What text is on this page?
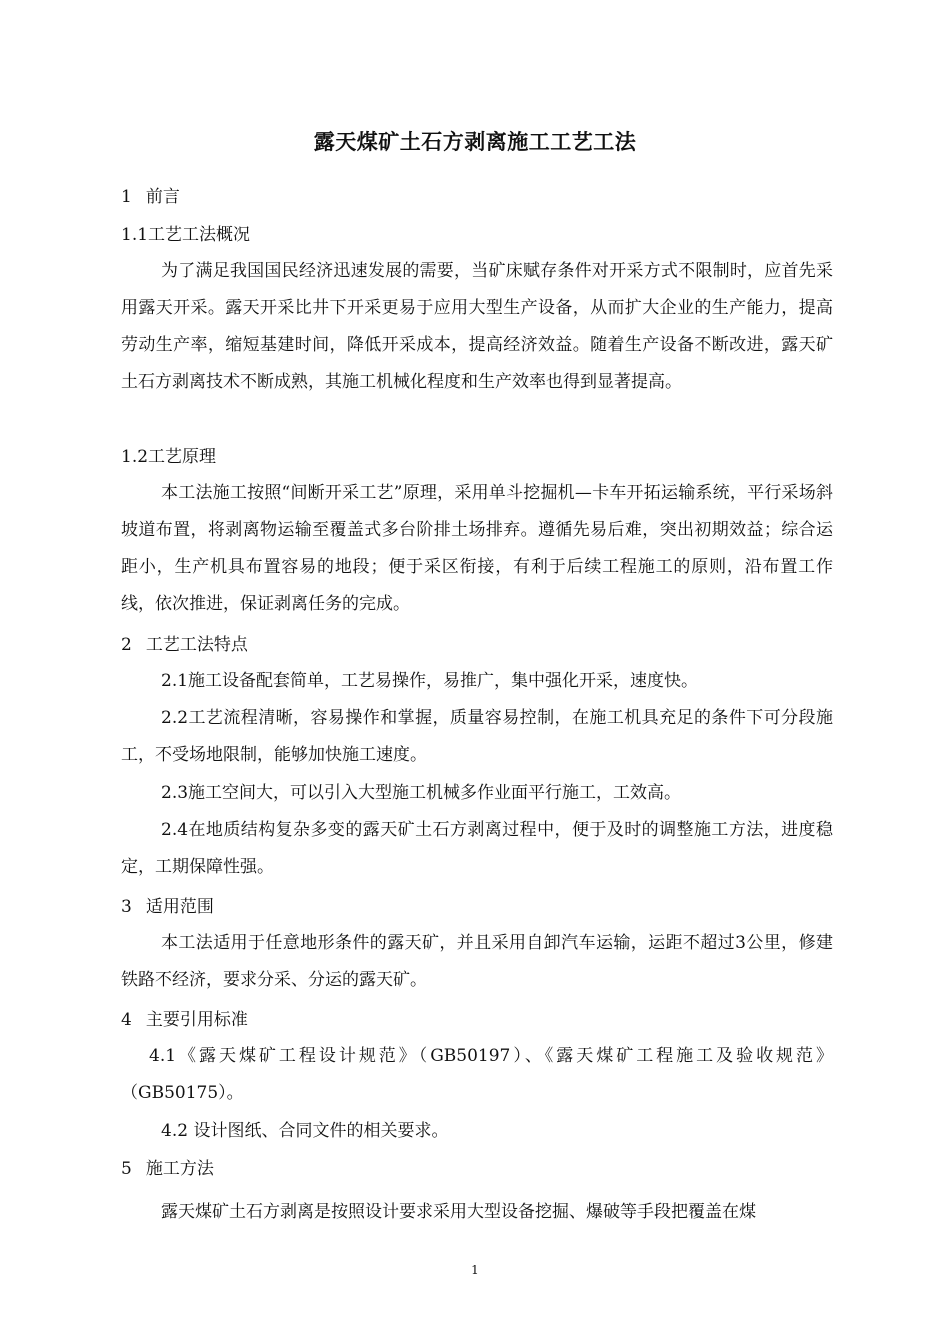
露天煤矿土石方剥离施工工艺工法
1 前言
1.1工艺工法概况
为了满足我国国民经济迅速发展的需要，当矿床赋存条件对开采方式不限制时，应首先采用露天开采。露天开采比井下开采更易于应用大型生产设备，从而扩大企业的生产能力，提高劳动生产率，缩短基建时间，降低开采成本，提高经济效益。随着生产设备不断改进，露天矿土石方剥离技术不断成熟，其施工机械化程度和生产效率也得到显著提高。
1.2工艺原理
本工法施工按照“间断开采工艺”原理，采用单斗挖掘机—卡车开拓运输系统，平行采场斜坡道布置，将剥离物运输至覆盖式多台阶排土场排弃。遵循先易后难，突出初期效益；综合运距小，生产机具布置容易的地段；便于采区衔接，有利于后续工程施工的原则，沿布置工作线，依次推进，保证剥离任务的完成。
2 工艺工法特点
2.1施工设备配套简单，工艺易操作，易推广，集中强化开采，速度快。
2.2工艺流程清晰，容易操作和掌握，质量容易控制，在施工机具充足的条件下可分段施工，不受场地限制，能够加快施工速度。
2.3施工空间大，可以引入大型施工机械多作业面平行施工，工效高。
2.4在地质结构复杂多变的露天矿土石方剥离过程中，便于及时的调整施工方法，进度稳定，工期保障性强。
3 适用范围
本工法适用于任意地形条件的露天矿，并且采用自卸汽车运输，运距不超过3公里，修建铁路不经济，要求分采、分运的露天矿。
4 主要引用标准
4.1《露天煤矿工程设计规范》（GB50197）、《露天煤矿工程施工及验收规范》（GB50175）。
4.2 设计图纸、合同文件的相关要求。
5 施工方法
露天煤矿土石方剥离是按照设计要求采用大型设备挖掘、爆破等手段把覆盖在煤
1
